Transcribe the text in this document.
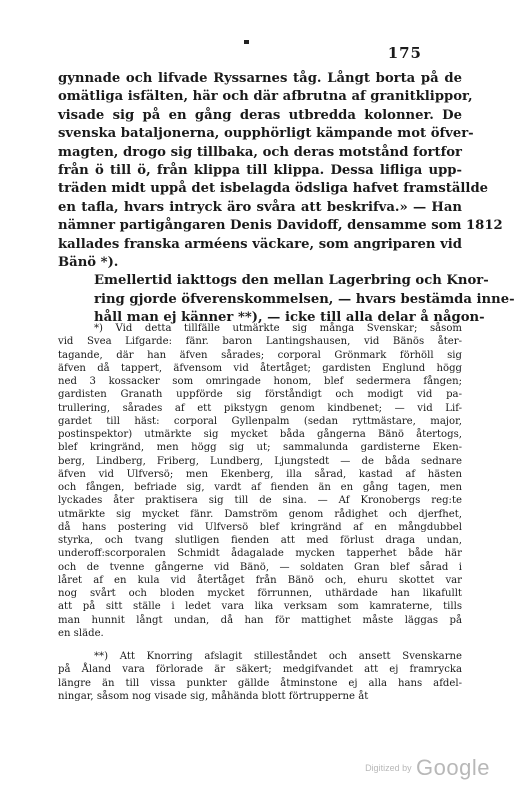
175

gynnade och lifvade Ryssarnes tåg. Långt borta på de
omätliga isfälten, här och där afbrutna af granitklippor,
visade sig på en gång deras utbredda kolonner. De
svenska bataljonerna, oupphörligt kämpande mot öfver-
magten, drogo sig tillbaka, och deras motstånd fortfor
från ö till ö, från klippa till klippa. Dessa lifliga upp-
träden midt uppå det isbelagda ödsliga hafvet framställde
en tafla, hvars intryck äro svåra att beskrifva.» — Han
nämner partigångaren Denis Davidoff, densamme som 1812
kallades franska arméens väckare, som angriparen vid
Bänö *).

Emellertid iakttogs den mellan Lagerbring och Knor-
ring gjorde öfverenskommelsen, — hvars bestämda inne-
håll man ej känner **), — icke till alla delar å någon-

*) Vid detta tillfälle utmärkte sig många Svenskar; såsom
vid Svea Lifgarde: fänr. baron Lantingshausen, vid Bänös åter-
tagande, där han äfven sårades; corporal Grönmark förhöll sig
äfven då tappert, äfvensom vid återtåget; gardisten Englund högg
ned 3 kossacker som omringade honom, blef sedermera fången;
gardisten Granath uppförde sig förståndigt och modigt vid pa-
trullering, sårades af ett pikstygn genom kindbenet; — vid Lif-
gardet till häst: corporal Gyllenpalm (sedan ryttmästare, major,
postinspektor) utmärkte sig mycket båda gångerna Bänö återtogs,
blef kringränd, men högg sig ut; sammalunda gardisterne Eken-
berg, Lindberg, Friberg, Lundberg, Ljungstedt — de båda sednare
äfven vid Ulfversö; men Ekenberg, illa sårad, kastad af hästen
och fången, befriade sig, vardt af fienden än en gång tagen, men
lyckades åter praktisera sig till de sina. — Af Kronobergs reg:te
utmärkte sig mycket fänr. Damström genom rådighet och djerfhet,
då hans postering vid Ulfversö blef kringränd af en mångdubbel
styrka, och tvang slutligen fienden att med förlust draga undan,
underoff:scorporalen Schmidt ådagalade mycken tapperhet både här
och de tvenne gångerne vid Bänö, — soldaten Gran blef sårad i
låret af en kula vid återtåget från Bänö och, ehuru skottet var
nog svårt och bloden mycket förrunnen, uthärdade han likafullt
att på sitt ställe i ledet vara lika verksam som kamraterne, tills
man hunnit långt undan, då han för mattighet måste läggas på
en släde.
**) Att Knorring afslagit stilleståndet och ansett Svenskarne
på Åland vara förlorade är säkert; medgifvandet att ej framrycka
längre än till vissa punkter gällde åtminstone ej alla hans afdel-
ningar, såsom nog visade sig, måhända blott förtrupperne åt
Digitized by Google
